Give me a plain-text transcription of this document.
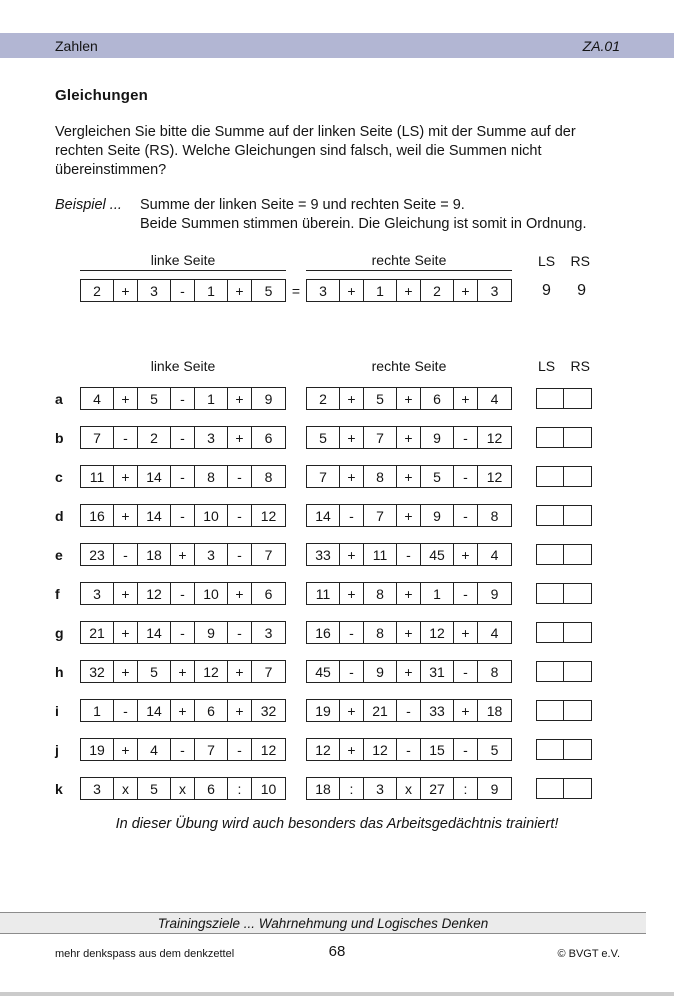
Zahlen	ZA.01
Gleichungen

Vergleichen Sie bitte die Summe auf der linken Seite (LS) mit der Summe auf der rechten Seite (RS). Welche Gleichungen sind falsch, weil die Summen nicht übereinstimmen?

Beispiel ...	Summe der linken Seite = 9 und rechten Seite = 9.
Beide Summen stimmen überein. Die Gleichung ist somit in Ordnung.
linke Seite	rechte Seite	LS RS
2	+	3	-	1	+	5	=	3	+	1	+	2	+	3	9 9
linke Seite	rechte Seite	LS RS
a	4	+	5	-	1	+	9	2	+	5	+	6	+	4
b	7	-	2	-	3	+	6	5	+	7	+	9	-	12
c	11	+	14	-	8	-	8	7	+	8	+	5	-	12
d	16	+	14	-	10	-	12	14	-	7	+	9	-	8
e	23	-	18	+	3	-	7	33	+	11	-	45	+	4
f	3	+	12	-	10	+	6	11	+	8	+	1	-	9
g	21	+	14	-	9	-	3	16	-	8	+	12	+	4
h	32	+	5	+	12	+	7	45	-	9	+	31	-	8
i	1	-	14	+	6	+	32	19	+	21	-	33	+	18
j	19	+	4	-	7	-	12	12	+	12	-	15	-	5
k	3	x	5	x	6	:	10	18	:	3	x	27	:	9
In dieser Übung wird auch besonders das Arbeitsgedächtnis trainiert!
Trainingsziele ... Wahrnehmung und Logisches Denken
mehr denkspass aus dem denkzettel	68	© BVGT e.V.
